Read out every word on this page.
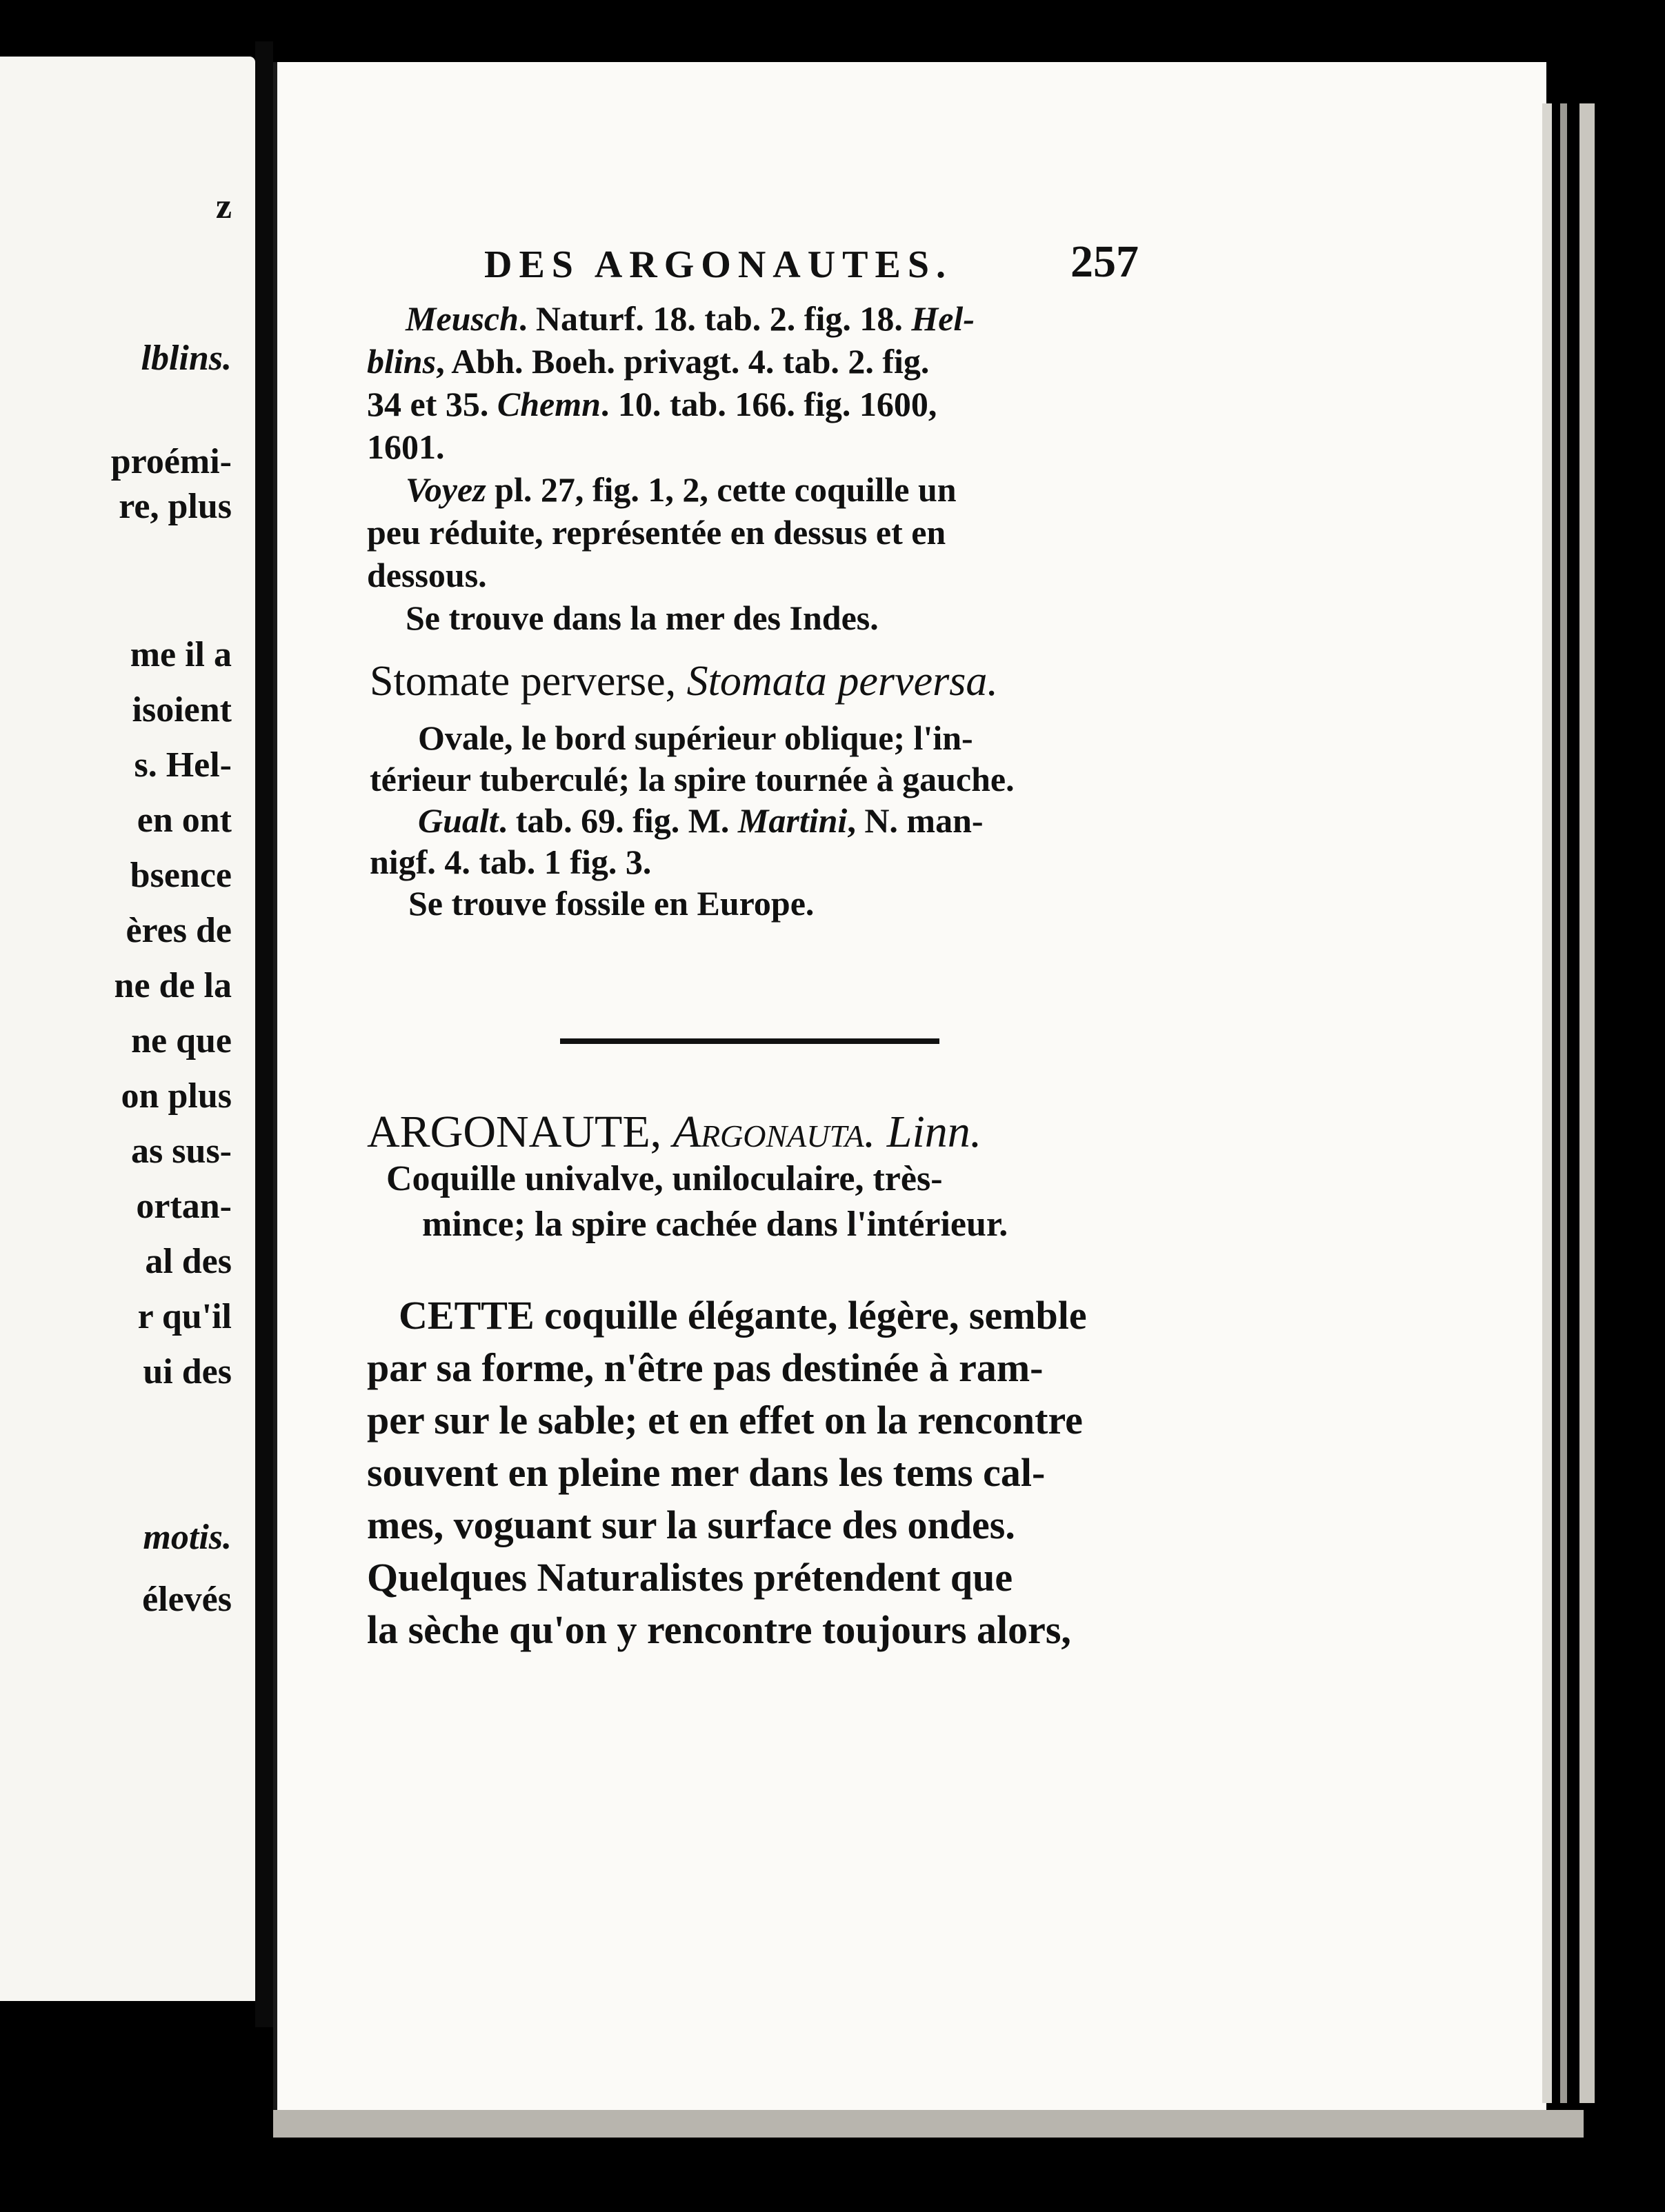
z
lblins.
proémi-
re, plus
me il a
isoient
s. Hel-
en ont
bsence
ères de
ne de la
ne que
on plus
as sus-
ortan-
al des
r qu'il
ui des
motis.
élevés
DES ARGONAUTES.	257
Meusch. Naturf. 18. tab. 2. fig. 18. Hel-
blins, Abh. Boeh. privagt. 4. tab. 2. fig.
34 et 35. Chemn. 10. tab. 166. fig. 1600,
1601.
Voyez pl. 27, fig. 1, 2, cette coquille un
peu réduite, représentée en dessus et en
dessous.
Se trouve dans la mer des Indes.
Stomate perverse, Stomata perversa.
Ovale, le bord supérieur oblique; l'in-
térieur tuberculé; la spire tournée à gauche.
Gualt. tab. 69. fig. M. Martini, N. man-
nigf. 4. tab. 1 fig. 3.
Se trouve fossile en Europe.
ARGONAUTE, Argonauta. Linn.
Coquille univalve, uniloculaire, très-
mince; la spire cachée dans l'intérieur.
CETTE coquille élégante, légère, semble
par sa forme, n'être pas destinée à ram-
per sur le sable; et en effet on la rencontre
souvent en pleine mer dans les tems cal-
mes, voguant sur la surface des ondes.
Quelques Naturalistes prétendent que
la sèche qu'on y rencontre toujours alors,
